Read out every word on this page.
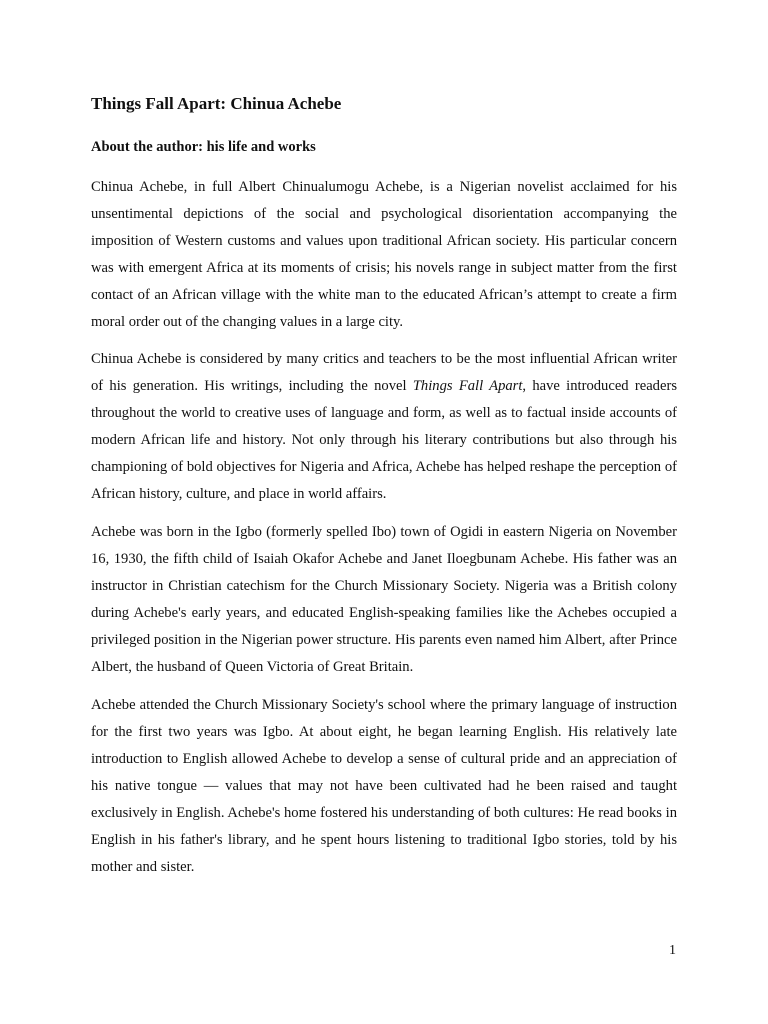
Things Fall Apart: Chinua Achebe
About the author: his life and works

Chinua Achebe, in full Albert Chinualumogu Achebe, is a Nigerian novelist acclaimed for his unsentimental depictions of the social and psychological disorientation accompanying the imposition of Western customs and values upon traditional African society. His particular concern was with emergent Africa at its moments of crisis; his novels range in subject matter from the first contact of an African village with the white man to the educated African’s attempt to create a firm moral order out of the changing values in a large city.

Chinua Achebe is considered by many critics and teachers to be the most influential African writer of his generation. His writings, including the novel Things Fall Apart, have introduced readers throughout the world to creative uses of language and form, as well as to factual inside accounts of modern African life and history. Not only through his literary contributions but also through his championing of bold objectives for Nigeria and Africa, Achebe has helped reshape the perception of African history, culture, and place in world affairs.

Achebe was born in the Igbo (formerly spelled Ibo) town of Ogidi in eastern Nigeria on November 16, 1930, the fifth child of Isaiah Okafor Achebe and Janet Iloegbunam Achebe. His father was an instructor in Christian catechism for the Church Missionary Society. Nigeria was a British colony during Achebe's early years, and educated English-speaking families like the Achebes occupied a privileged position in the Nigerian power structure. His parents even named him Albert, after Prince Albert, the husband of Queen Victoria of Great Britain.

Achebe attended the Church Missionary Society's school where the primary language of instruction for the first two years was Igbo. At about eight, he began learning English. His relatively late introduction to English allowed Achebe to develop a sense of cultural pride and an appreciation of his native tongue — values that may not have been cultivated had he been raised and taught exclusively in English. Achebe's home fostered his understanding of both cultures: He read books in English in his father's library, and he spent hours listening to traditional Igbo stories, told by his mother and sister.

1
